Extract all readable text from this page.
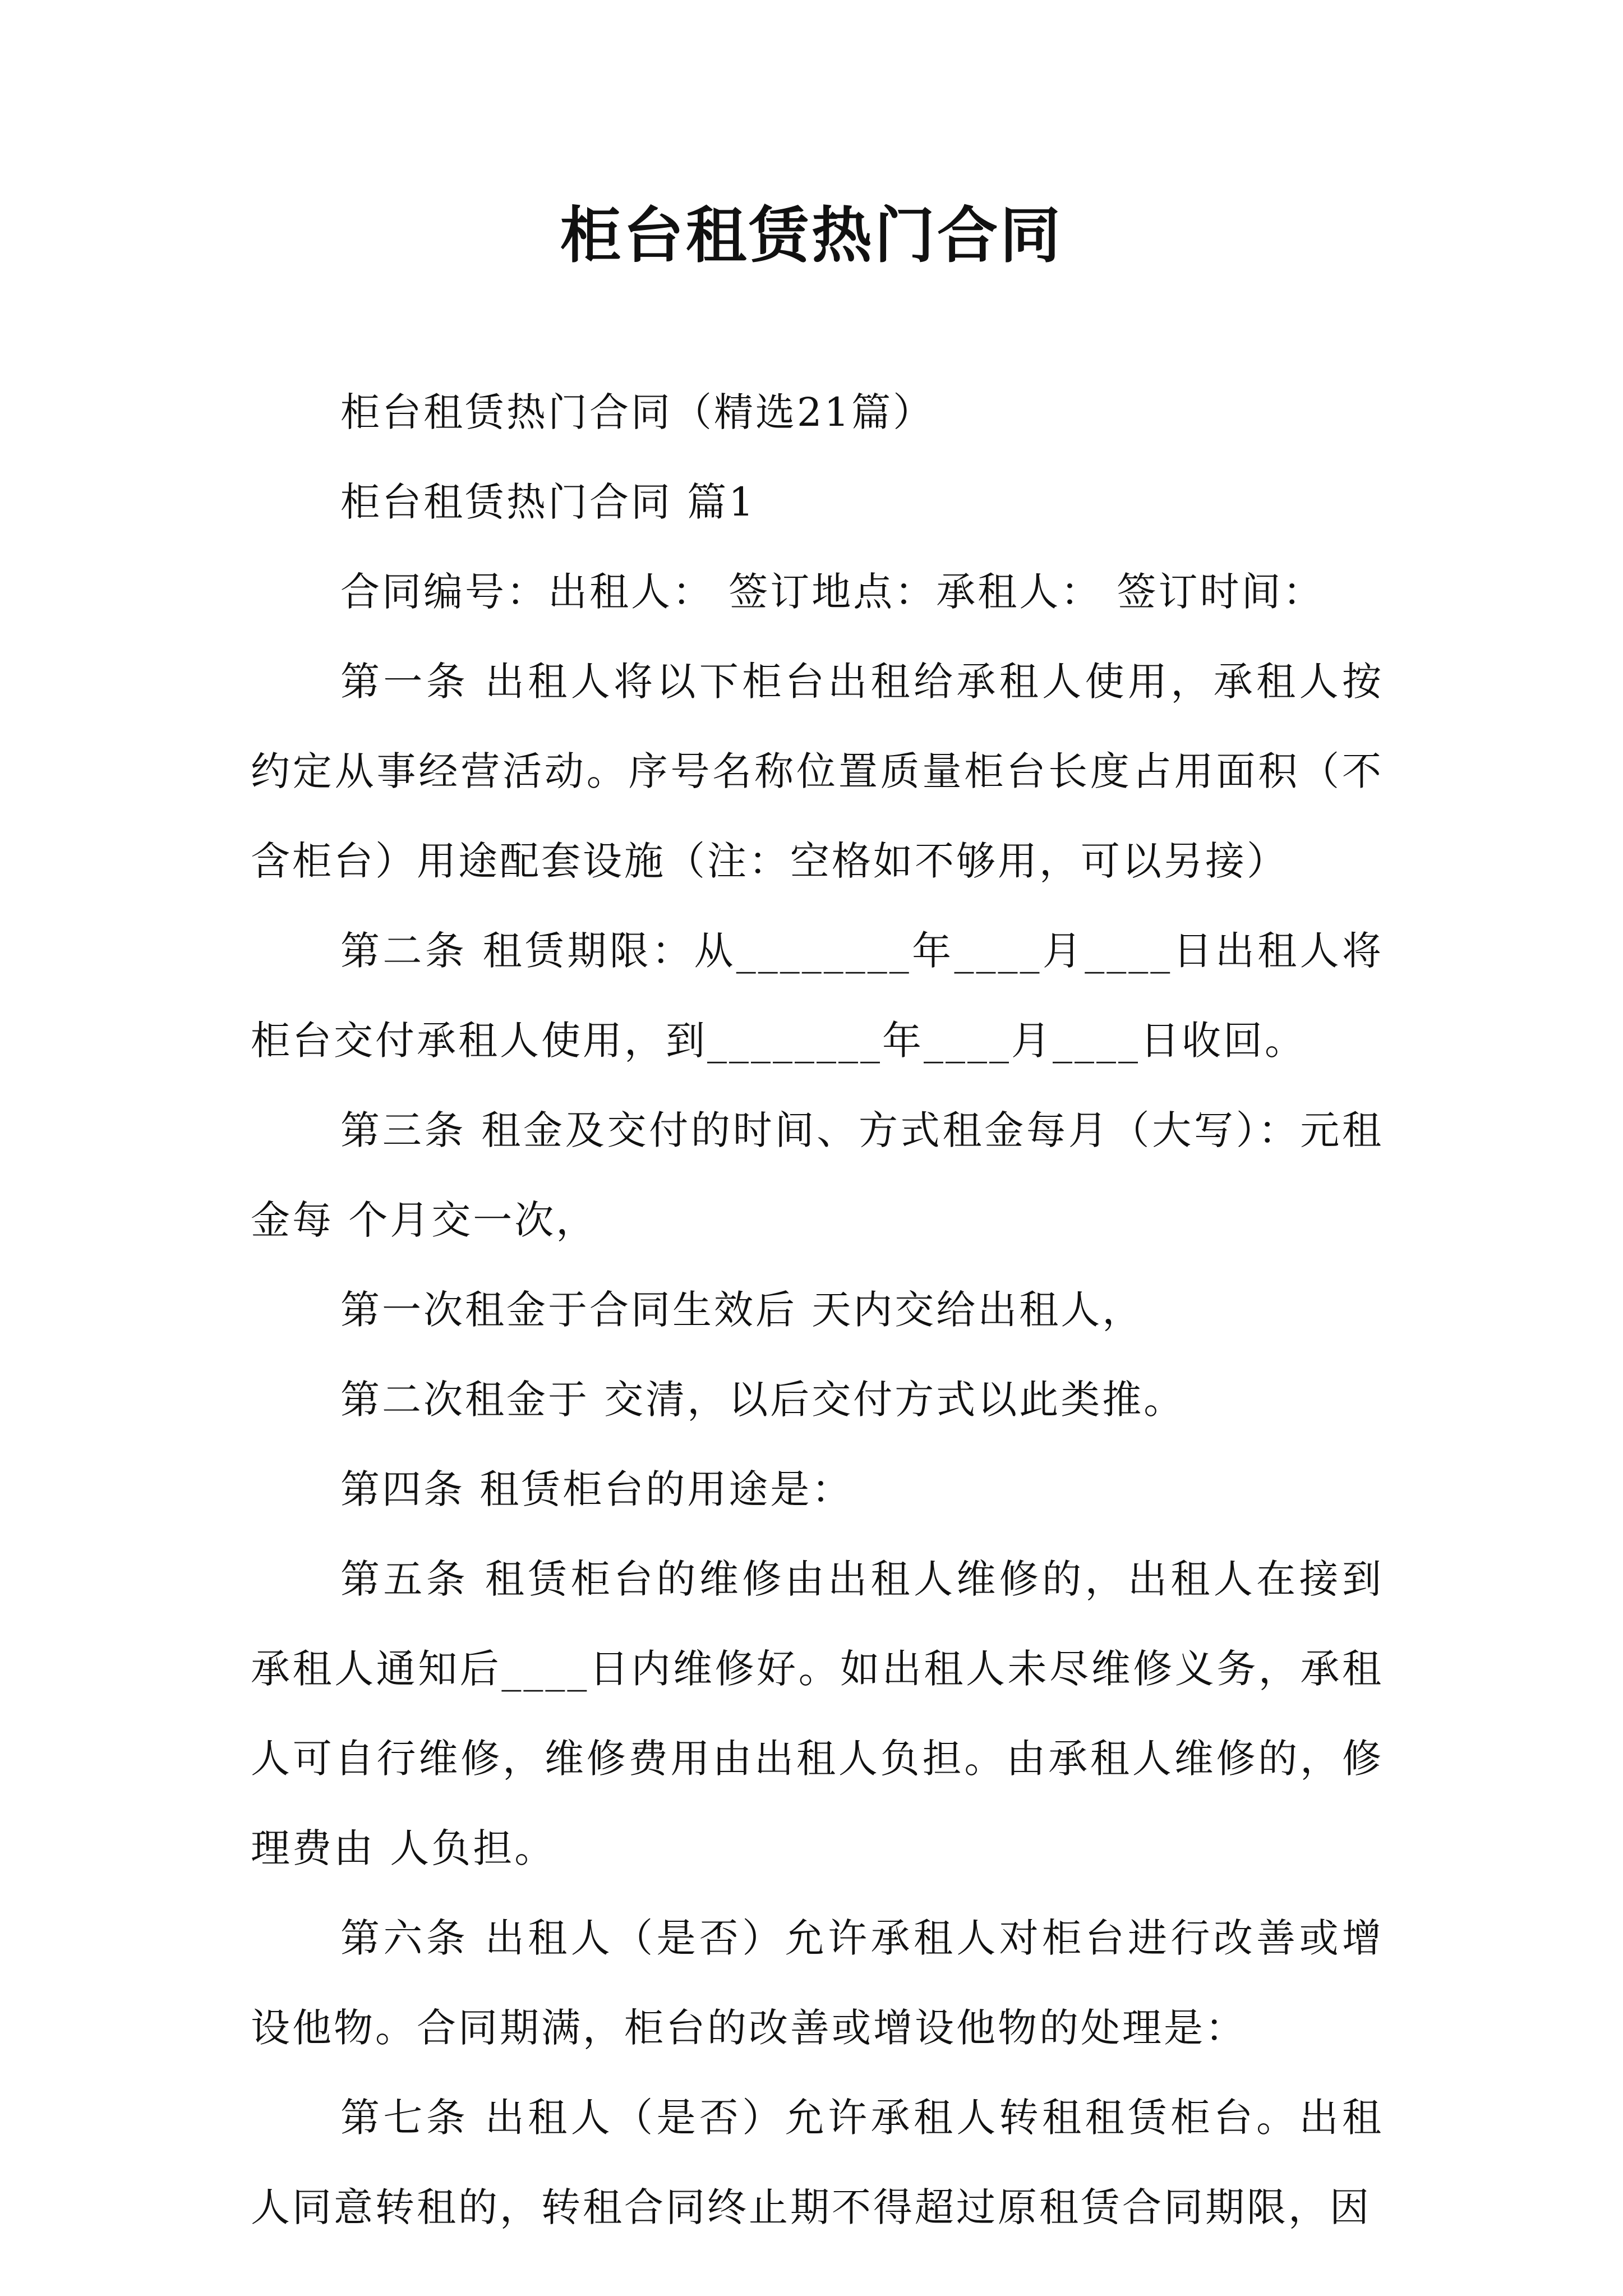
柜台租赁热门合同

柜台租赁热门合同（精选21篇）

柜台租赁热门合同 篇1

合同编号：出租人： 签订地点：承租人： 签订时间：

第一条 出租人将以下柜台出租给承租人使用，承租人按约定从事经营活动。序号名称位置质量柜台长度占用面积（不含柜台）用途配套设施（注：空格如不够用，可以另接）

第二条 租赁期限：从________年____月____日出租人将柜台交付承租人使用，到________年____月____日收回。

第三条 租金及交付的时间、方式租金每月（大写）：元租金每 个月交一次，

第一次租金于合同生效后 天内交给出租人，

第二次租金于 交清，以后交付方式以此类推。

第四条 租赁柜台的用途是：

第五条 租赁柜台的维修由出租人维修的，出租人在接到承租人通知后____日内维修好。如出租人未尽维修义务，承租人可自行维修，维修费用由出租人负担。由承租人维修的，修理费由 人负担。

第六条 出租人（是否）允许承租人对柜台进行改善或增设他物。合同期满，柜台的改善或增设他物的处理是：

第七条 出租人（是否）允许承租人转租租赁柜台。出租人同意转租的，转租合同终止期不得超过原租赁合同期限，因
